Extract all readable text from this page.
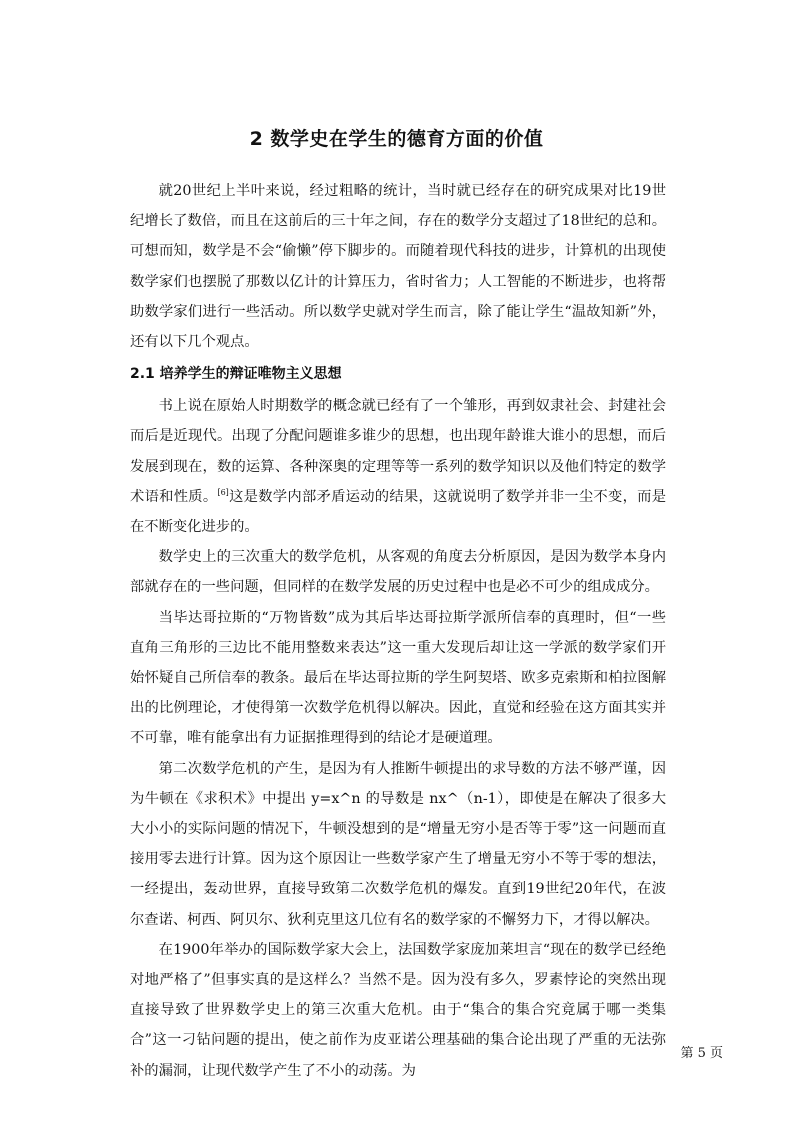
2 数学史在学生的德育方面的价值

就20世纪上半叶来说，经过粗略的统计，当时就已经存在的研究成果对比19世纪增长了数倍，而且在这前后的三十年之间，存在的数学分支超过了18世纪的总和。可想而知，数学是不会“偷懒”停下脚步的。而随着现代科技的进步，计算机的出现使数学家们也摆脱了那数以亿计的计算压力，省时省力；人工智能的不断进步，也将帮助数学家们进行一些活动。所以数学史就对学生而言，除了能让学生“温故知新”外，还有以下几个观点。

2.1 培养学生的辩证唯物主义思想

书上说在原始人时期数学的概念就已经有了一个雏形，再到奴隶社会、封建社会而后是近现代。出现了分配问题谁多谁少的思想，也出现年龄谁大谁小的思想，而后发展到现在，数的运算、各种深奥的定理等等一系列的数学知识以及他们特定的数学术语和性质。[6]这是数学内部矛盾运动的结果，这就说明了数学并非一尘不变，而是在不断变化进步的。

数学史上的三次重大的数学危机，从客观的角度去分析原因，是因为数学本身内部就存在的一些问题，但同样的在数学发展的历史过程中也是必不可少的组成成分。

当毕达哥拉斯的“万物皆数”成为其后毕达哥拉斯学派所信奉的真理时，但“一些直角三角形的三边比不能用整数来表达”这一重大发现后却让这一学派的数学家们开始怀疑自己所信奉的教条。最后在毕达哥拉斯的学生阿契塔、欧多克索斯和柏拉图解出的比例理论，才使得第一次数学危机得以解决。因此，直觉和经验在这方面其实并不可靠，唯有能拿出有力证据推理得到的结论才是硬道理。

第二次数学危机的产生，是因为有人推断牛顿提出的求导数的方法不够严谨，因为牛顿在《求积术》中提出 y=x^n 的导数是 nx^（n-1），即使是在解决了很多大大小小的实际问题的情况下，牛顿没想到的是“增量无穷小是否等于零”这一问题而直接用零去进行计算。因为这个原因让一些数学家产生了增量无穷小不等于零的想法，一经提出，轰动世界，直接导致第二次数学危机的爆发。直到19世纪20年代，在波尔查诺、柯西、阿贝尔、狄利克里这几位有名的数学家的不懈努力下，才得以解决。

在1900年举办的国际数学家大会上，法国数学家庞加莱坦言“现在的数学已经绝对地严格了”但事实真的是这样么？当然不是。因为没有多久，罗素悖论的突然出现直接导致了世界数学史上的第三次重大危机。由于“集合的集合究竟属于哪一类集合”这一刁钻问题的提出，使之前作为皮亚诺公理基础的集合论出现了严重的无法弥补的漏洞，让现代数学产生了不小的动荡。为

第 5 页
